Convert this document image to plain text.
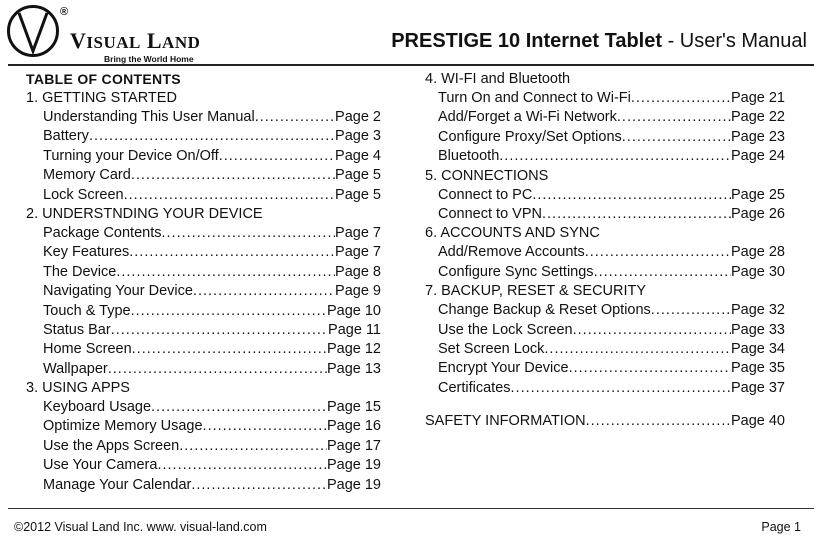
®
VISUAL LAND
Bring the World Home
PRESTIGE 10 Internet Tablet - User's Manual
TABLE OF CONTENTS
1. GETTING STARTED
Understanding This User Manual .....	Page 2
Battery .....	Page 3
Turning your Device On/Off .....	Page 4
Memory Card .....	Page 5
Lock Screen .....	Page 5
2. UNDERSTNDING YOUR DEVICE
Package Contents .....	Page 7
Key Features .....	Page 7
The Device .....	Page 8
Navigating Your Device .....	Page 9
Touch & Type .....	Page 10
Status Bar .....	Page 11
Home Screen .....	Page 12
Wallpaper .....	Page 13
3. USING APPS
Keyboard Usage .....	Page 15
Optimize Memory Usage .....	Page 16
Use the Apps Screen .....	Page 17
Use Your Camera .....	Page 19
Manage Your Calendar .....	Page 19
4. WI-FI and Bluetooth
Turn On and Connect to Wi-Fi .....	Page 21
Add/Forget a Wi-Fi Network .....	Page 22
Configure Proxy/Set Options .....	Page 23
Bluetooth .....	Page 24
5. CONNECTIONS
Connect to PC .....	Page 25
Connect to VPN .....	Page 26
6. ACCOUNTS AND SYNC
Add/Remove Accounts .....	Page 28
Configure Sync Settings .....	Page 30
7. BACKUP, RESET & SECURITY
Change Backup & Reset Options .....	Page 32
Use the Lock Screen .....	Page 33
Set Screen Lock .....	Page 34
Encrypt Your Device .....	Page 35
Certificates .....	Page 37
SAFETY INFORMATION .....	Page 40
©2012 Visual Land Inc. www. visual-land.com	Page 1
